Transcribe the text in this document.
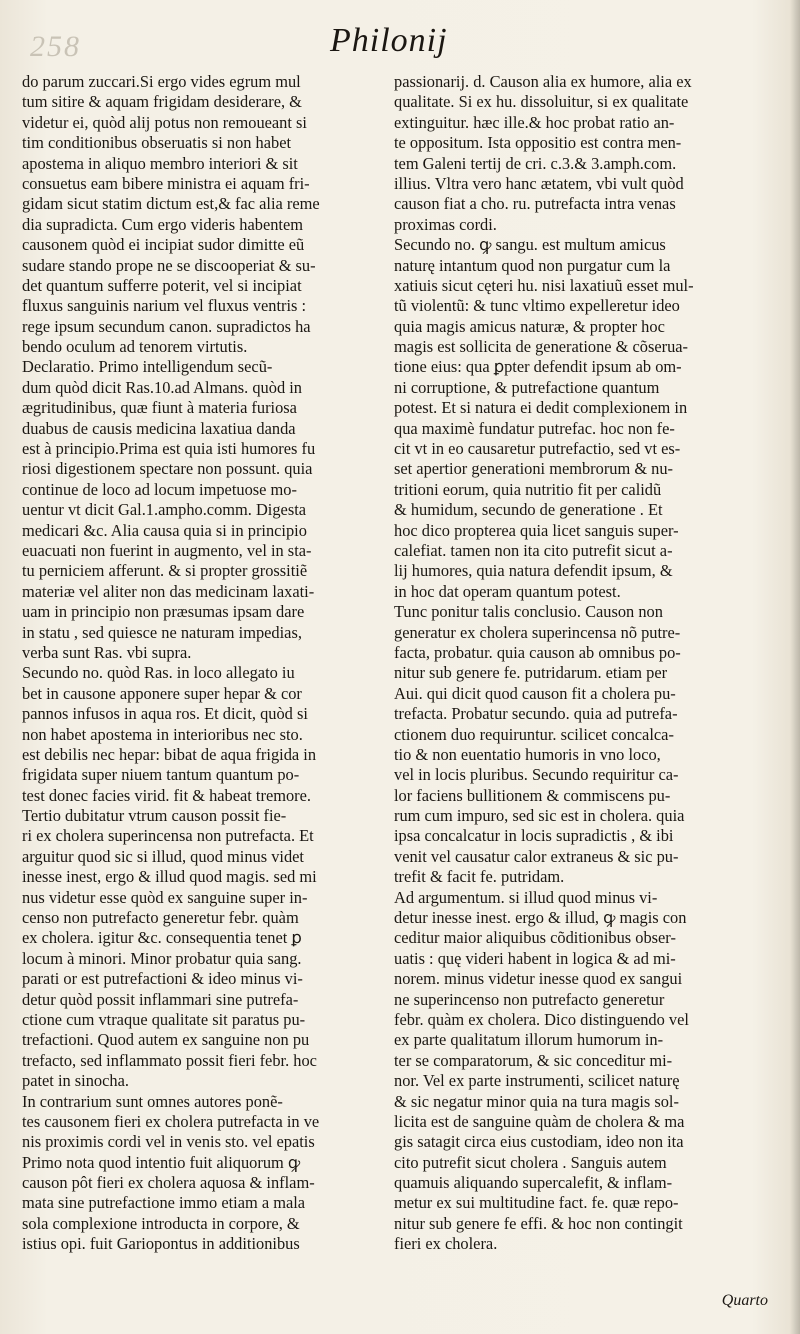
258	Philonij
do parum zuccari.Si ergo vides egrum mul
tum sitire & aquam frigidam desiderare, &
videtur ei, quòd alij potus non remoueant si
tim conditionibus obseruatis si non habet
apostema in aliquo membro interiori & sit
consuetus eam bibere ministra ei aquam fri-
gidam sicut statim dictum est,& fac alia reme
dia supradicta. Cum ergo videris habentem
causonem quòd ei incipiat sudor dimitte eũ
sudare stando prope ne se discooperiat & su-
det quantum sufferre poterit, vel si incipiat
fluxus sanguinis narium vel fluxus ventris :
rege ipsum secundum canon. supradictos ha
bendo oculum ad tenorem virtutis.
Declaratio. Primo intelligendum secũ-
dum quòd dicit Ras.10.ad Almans. quòd in
ægritudinibus, quæ fiunt à materia furiosa
duabus de causis medicina laxatiua danda
est à principio.Prima est quia isti humores fu
riosi digestionem spectare non possunt. quia
continue de loco ad locum impetuose mo-
uentur vt dicit Gal.1.ampho.comm. Digesta
medicari &c. Alia causa quia si in principio
euacuati non fuerint in augmento, vel in sta-
tu perniciem afferunt. & si propter grossitiẽ
materiæ vel aliter non das medicinam laxati-
uam in principio non præsumas ipsam dare
in statu , sed quiesce ne naturam impedias,
verba sunt Ras. vbi supra.
Secundo no. quòd Ras. in loco allegato iu
bet in causone apponere super hepar & cor
pannos infusos in aqua ros. Et dicit, quòd si
non habet apostema in interioribus nec sto.
est debilis nec hepar: bibat de aqua frigida in
frigidata super niuem tantum quantum po-
test donec facies virid. fit & habeat tremore.
Tertio dubitatur vtrum causon possit fie-
ri ex cholera superincensa non putrefacta. Et
arguitur quod sic si illud, quod minus videt
inesse inest, ergo & illud quod magis. sed mi
nus videtur esse quòd ex sanguine super in-
censo non putrefacto generetur febr. quàm
ex cholera. igitur &c. consequentia tenet ꝑ
locum à minori. Minor probatur quia sang.
parati or est putrefactioni & ideo minus vi-
detur quòd possit inflammari sine putrefa-
ctione cum vtraque qualitate sit paratus pu-
trefactioni. Quod autem ex sanguine non pu
trefacto, sed inflammato possit fieri febr. hoc
patet in sinocha.
In contrarium sunt omnes autores ponẽ-
tes causonem fieri ex cholera putrefacta in ve
nis proximis cordi vel in venis sto. vel epatis
Primo nota quod intentio fuit aliquorum ꝙ
causon pôt fieri ex cholera aquosa & inflam-
mata sine putrefactione immo etiam a mala
sola complexione introducta in corpore, &
istius opi. fuit Gariopontus in additionibus
passionarij. d. Causon alia ex humore, alia ex
qualitate. Si ex hu. dissoluitur, si ex qualitate
extinguitur. hæc ille.& hoc probat ratio an-
te oppositum. Ista oppositio est contra men-
tem Galeni tertij de cri. c.3.& 3.amph.com.
illius. Vltra vero hanc ætatem, vbi vult quòd
causon fiat a cho. ru. putrefacta intra venas
proximas cordi.
Secundo no. ꝙ sangu. est multum amicus
naturę intantum quod non purgatur cum la
xatiuis sicut cęteri hu. nisi laxatiuũ esset mul-
tũ violentũ: & tunc vltimo expelleretur ideo
quia magis amicus naturæ, & propter hoc
magis est sollicita de generatione & cõserua-
tione eius: qua ꝑpter defendit ipsum ab om-
ni corruptione, & putrefactione quantum
potest. Et si natura ei dedit complexionem in
qua maximè fundatur putrefac. hoc non fe-
cit vt in eo causaretur putrefactio, sed vt es-
set apertior generationi membrorum & nu-
tritioni eorum, quia nutritio fit per calidũ
& humidum, secundo de generatione . Et
hoc dico propterea quia licet sanguis super-
calefiat. tamen non ita cito putrefit sicut a-
lij humores, quia natura defendit ipsum, &
in hoc dat operam quantum potest.
Tunc ponitur talis conclusio. Causon non
generatur ex cholera superincensa nõ putre-
facta, probatur. quia causon ab omnibus po-
nitur sub genere fe. putridarum. etiam per
Aui. qui dicit quod causon fit a cholera pu-
trefacta. Probatur secundo. quia ad putrefa-
ctionem duo requiruntur. scilicet concalca-
tio & non euentatio humoris in vno loco,
vel in locis pluribus. Secundo requiritur ca-
lor faciens bullitionem & commiscens pu-
rum cum impuro, sed sic est in cholera. quia
ipsa concalcatur in locis supradictis , & ibi
venit vel causatur calor extraneus & sic pu-
trefit & facit fe. putridam.
Ad argumentum. si illud quod minus vi-
detur inesse inest. ergo & illud, ꝙ magis con
ceditur maior aliquibus cõditionibus obser-
uatis : quę videri habent in logica & ad mi-
norem. minus videtur inesse quod ex sangui
ne superincenso non putrefacto generetur
febr. quàm ex cholera. Dico distinguendo vel
ex parte qualitatum illorum humorum in-
ter se comparatorum, & sic conceditur mi-
nor. Vel ex parte instrumenti, scilicet naturę
& sic negatur minor quia na tura magis sol-
licita est de sanguine quàm de cholera & ma
gis satagit circa eius custodiam, ideo non ita
cito putrefit sicut cholera . Sanguis autem
quamuis aliquando supercalefit, & inflam-
metur ex sui multitudine fact. fe. quæ repo-
nitur sub genere fe effi. & hoc non contingit
fieri ex cholera.
Quarto
